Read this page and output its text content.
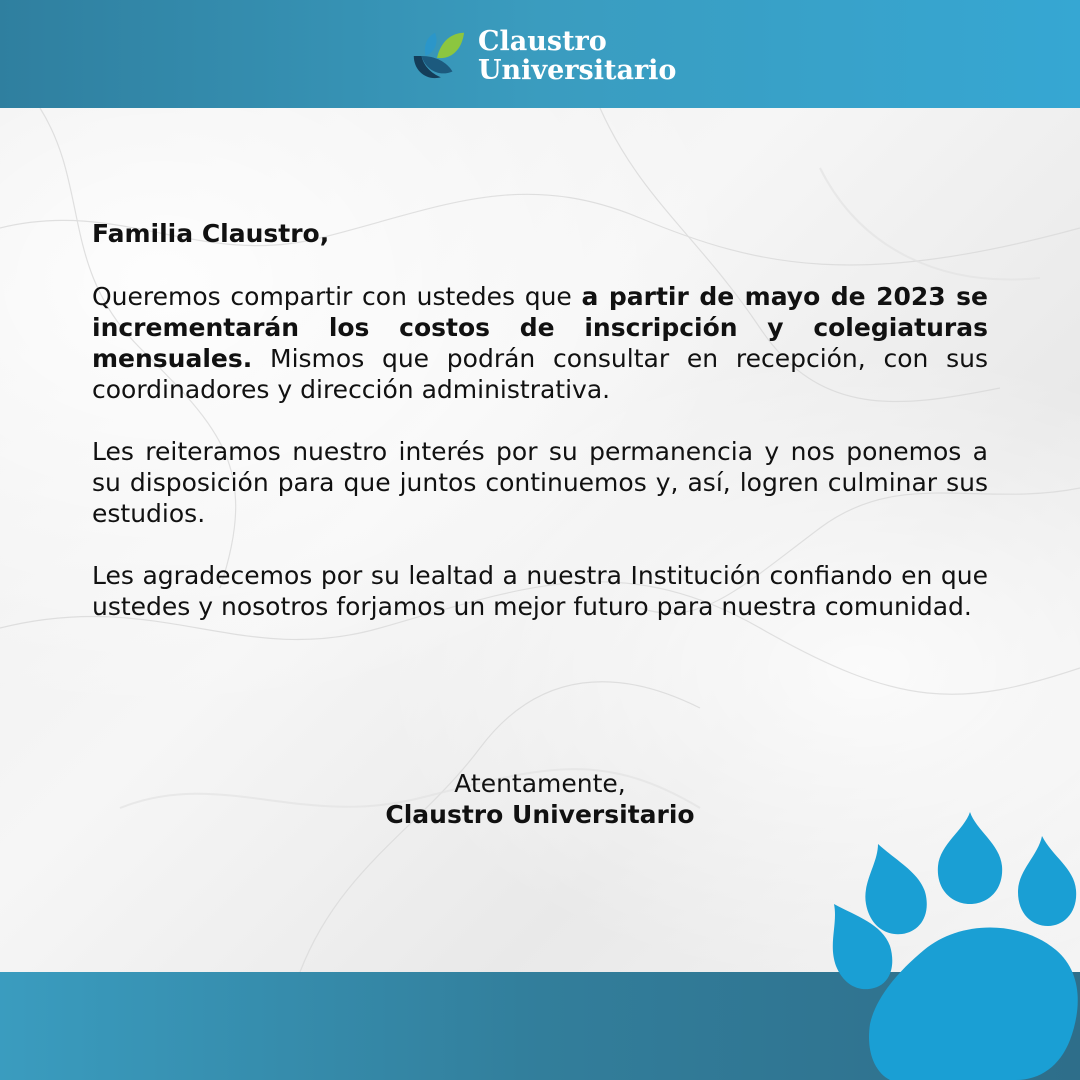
Claustro
Universitario

Familia Claustro,

Queremos compartir con ustedes que a partir de mayo de 2023 se incrementarán los costos de inscripción y colegiaturas mensuales. Mismos que podrán consultar en recepción, con sus coordinadores y dirección administrativa.

Les reiteramos nuestro interés por su permanencia y nos ponemos a su disposición para que juntos continuemos y, así, logren culminar sus estudios.

Les agradecemos por su lealtad a nuestra Institución confiando en que ustedes y nosotros forjamos un mejor futuro para nuestra comunidad.

Atentamente,
Claustro Universitario
